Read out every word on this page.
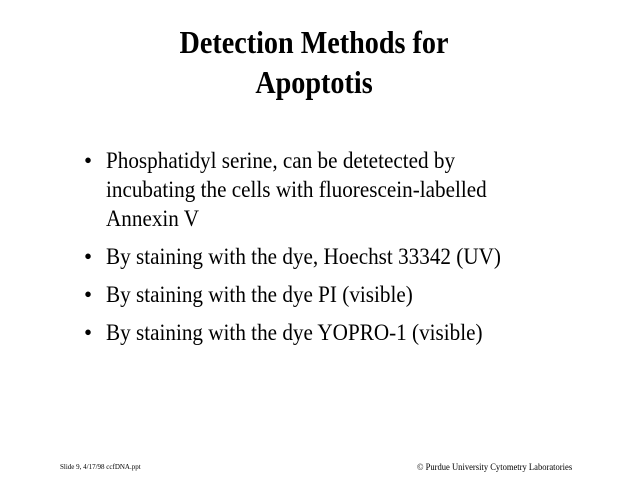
Detection Methods for
Apoptotis
• Phosphatidyl serine, can be detetected by
incubating the cells with fluorescein-labelled
Annexin V
• By staining with the dye, Hoechst 33342 (UV)
• By staining with the dye PI (visible)
• By staining with the dye YOPRO-1 (visible)
Slide 9, 4/17/98 ccfDNA.ppt	© Purdue University Cytometry Laboratories
